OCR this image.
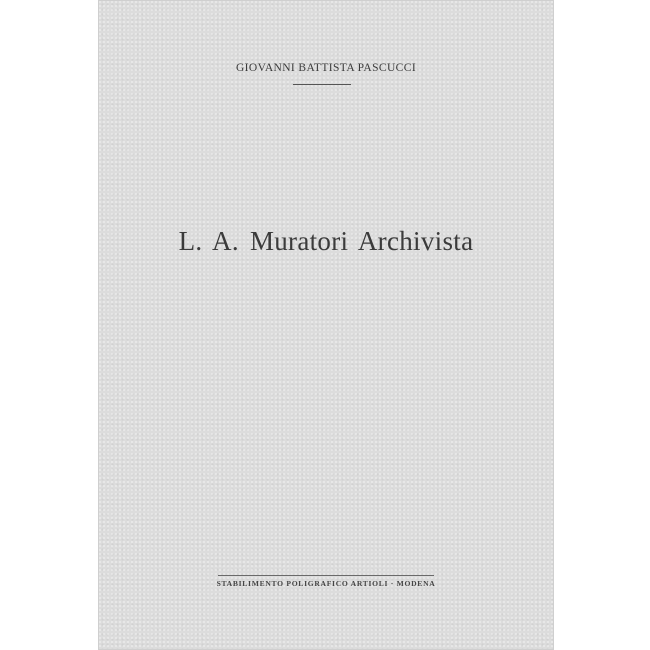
GIOVANNI BATTISTA PASCUCCI
L. A. Muratori Archivista
STABILIMENTO POLIGRAFICO ARTIOLI · MODENA
